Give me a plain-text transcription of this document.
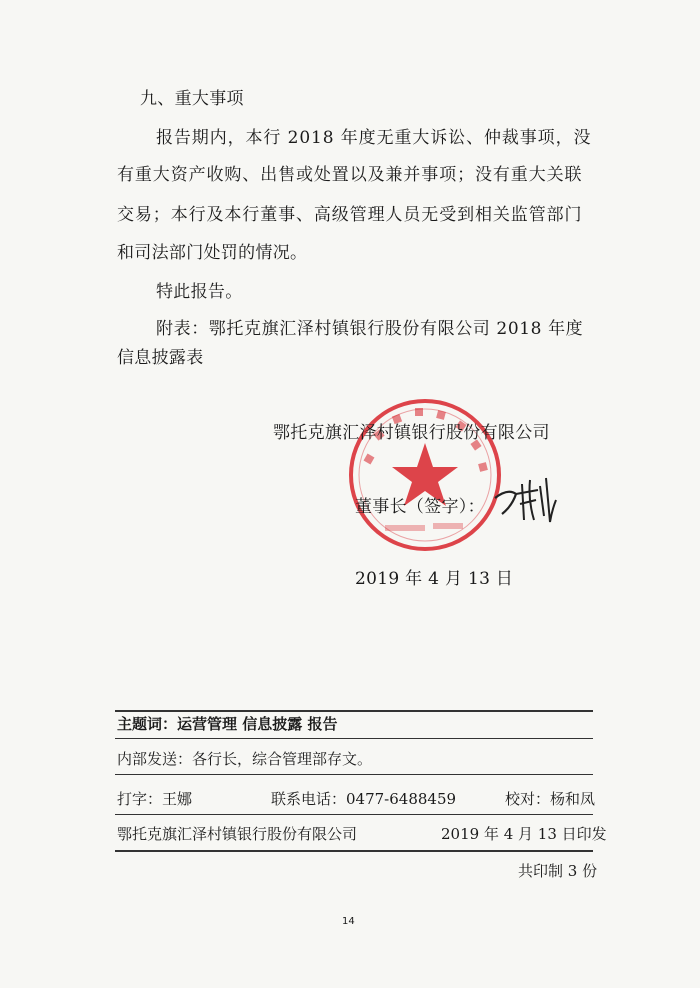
九、重大事项
报告期内，本行 2018 年度无重大诉讼、仲裁事项，没
有重大资产收购、出售或处置以及兼并事项；没有重大关联
交易；本行及本行董事、高级管理人员无受到相关监管部门
和司法部门处罚的情况。
特此报告。
附表：鄂托克旗汇泽村镇银行股份有限公司 2018 年度
信息披露表
鄂托克旗汇泽村镇银行股份有限公司
董事长（签字）：
2019 年 4 月 13 日
主题词：运营管理 信息披露 报告
内部发送：各行长，综合管理部存文。
打字：王娜	联系电话：0477-6488459	校对：杨和凤
鄂托克旗汇泽村镇银行股份有限公司	2019 年 4 月 13 日印发
共印制 3 份
14
